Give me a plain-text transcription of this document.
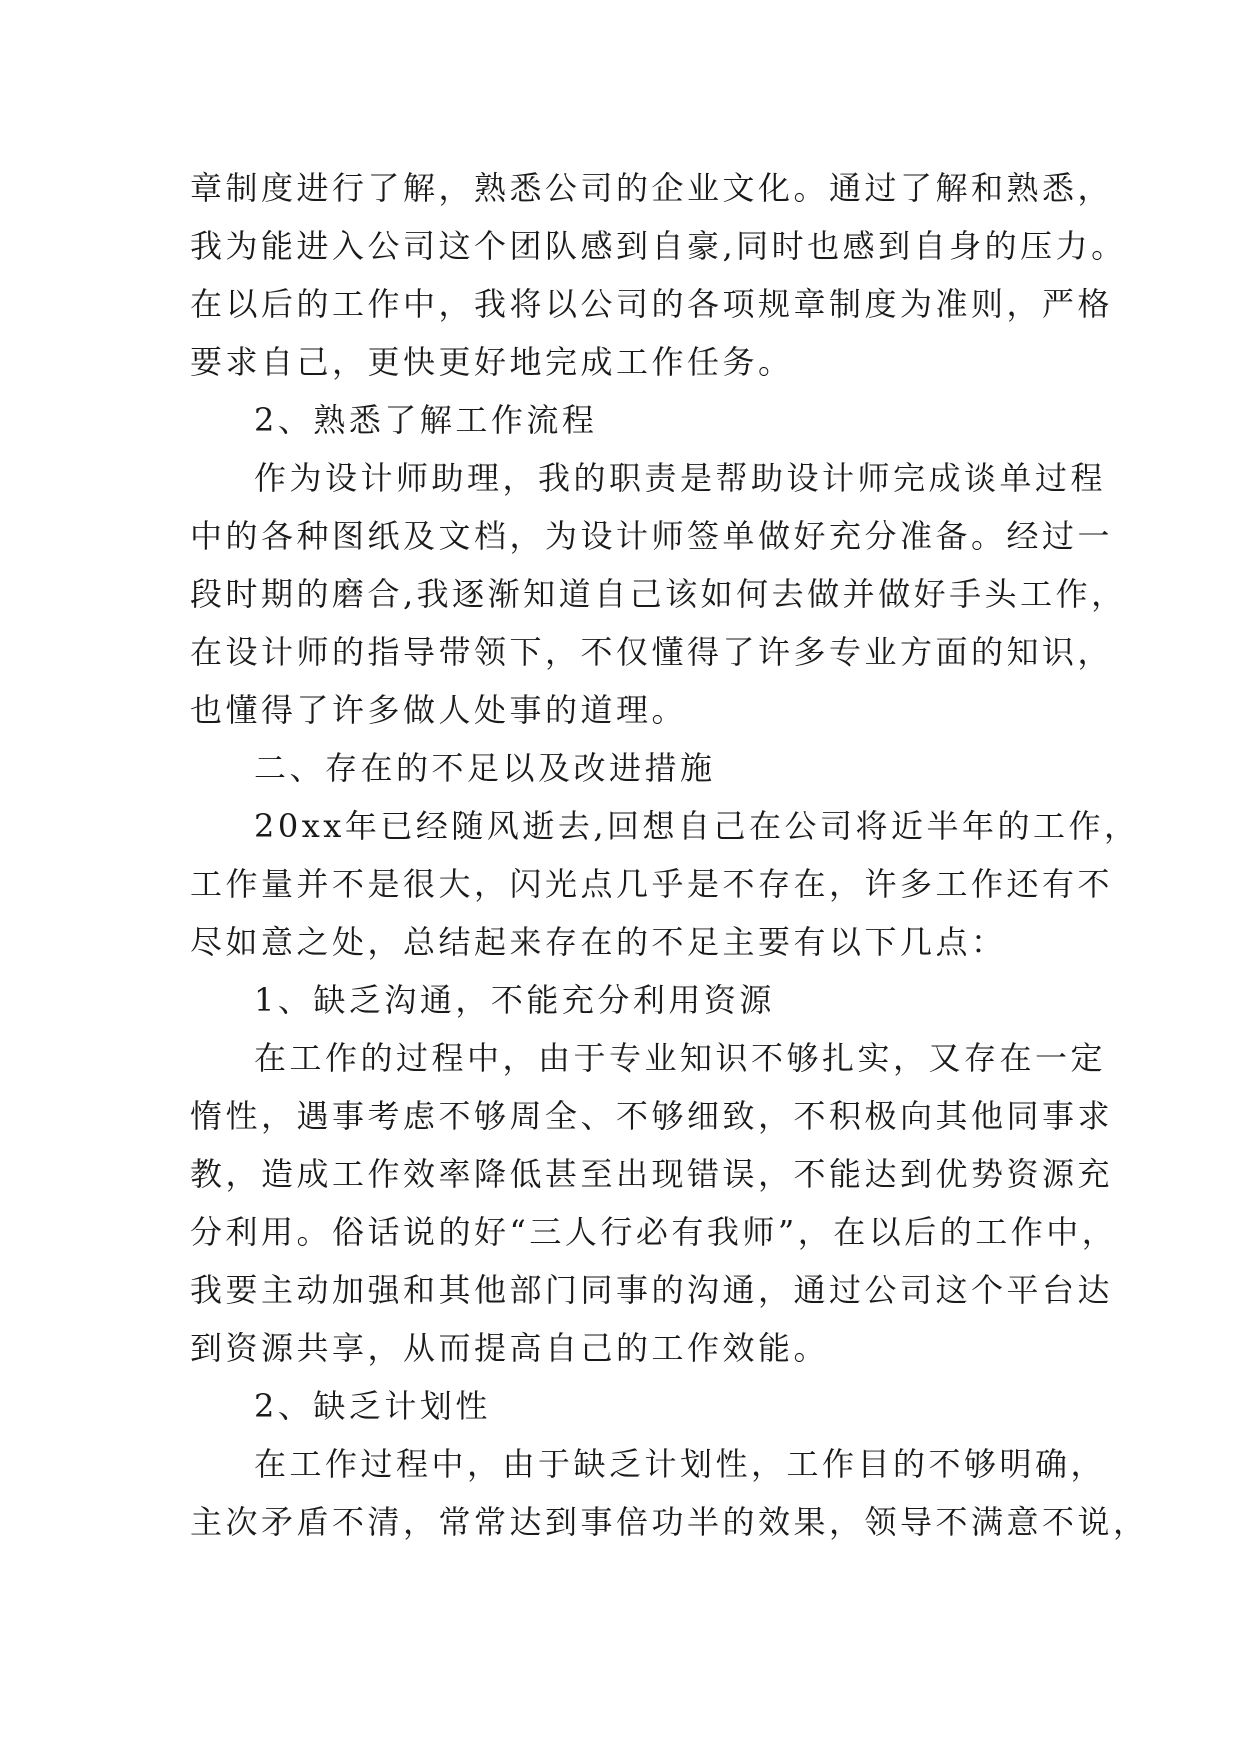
章制度进行了解，熟悉公司的企业文化。通过了解和熟悉，
我为能进入公司这个团队感到自豪,同时也感到自身的压力。
在以后的工作中，我将以公司的各项规章制度为准则，严格
要求自己，更快更好地完成工作任务。
2、熟悉了解工作流程
作为设计师助理，我的职责是帮助设计师完成谈单过程
中的各种图纸及文档，为设计师签单做好充分准备。经过一
段时期的磨合,我逐渐知道自己该如何去做并做好手头工作，
在设计师的指导带领下，不仅懂得了许多专业方面的知识，
也懂得了许多做人处事的道理。
二、存在的不足以及改进措施
20xx年已经随风逝去,回想自己在公司将近半年的工作，
工作量并不是很大，闪光点几乎是不存在，许多工作还有不
尽如意之处，总结起来存在的不足主要有以下几点：
1、缺乏沟通，不能充分利用资源
在工作的过程中，由于专业知识不够扎实，又存在一定
惰性，遇事考虑不够周全、不够细致，不积极向其他同事求
教，造成工作效率降低甚至出现错误，不能达到优势资源充
分利用。俗话说的好“三人行必有我师”，在以后的工作中，
我要主动加强和其他部门同事的沟通，通过公司这个平台达
到资源共享，从而提高自己的工作效能。
2、缺乏计划性
在工作过程中，由于缺乏计划性，工作目的不够明确，
主次矛盾不清，常常达到事倍功半的效果，领导不满意不说，
